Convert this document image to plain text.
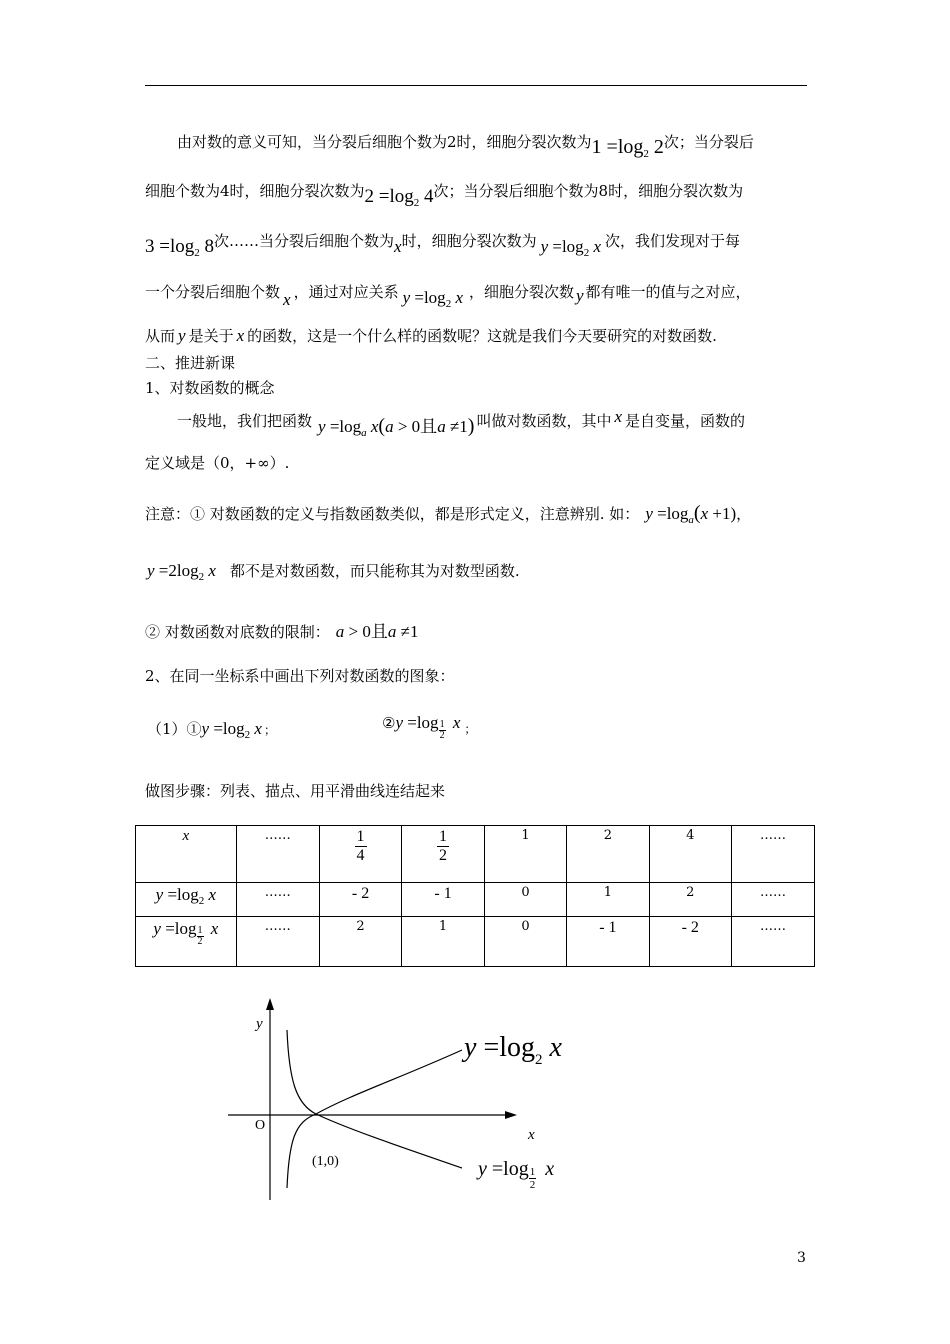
由对数的意义可知，当分裂后细胞个数为2时，细胞分裂次数为$1 =\log_2$ 2次；当分裂后
细胞个数为4时，细胞分裂次数为$2 =\log_2$ 4次；当分裂后细胞个数为8时，细胞分裂次数为
$3 =\log_2$ 8次……当分裂后细胞个数为x时，细胞分裂次数为 $y =\log_2$ x 次，我们发现对于每
一个分裂后细胞个数 x ，通过对应关系 $y =\log_2$ x ，细胞分裂次数 y 都有唯一的值与之对应，
从而 y 是关于 x 的函数，这是一个什么样的函数呢？这就是我们今天要研究的对数函数.
二、推进新课
1、对数函数的概念
一般地，我们把函数 $y =\log_a$ x(a > 0且a ≠1) 叫做对数函数，其中 x 是自变量，函数的
定义域是（0，+∞）.
注意：① 对数函数的定义与指数函数类似，都是形式定义，注意辨别. 如： $y =\log_a(x +1)$，
$y =2\log_2$ x 都不是对数函数，而只能称其为对数型函数.
② 对数函数对底数的限制： a > 0且a ≠1
2、在同一坐标系中画出下列对数函数的图象：
（1）①y $=\log_2$ x ；	②y $=\log \frac{1}{2}$ x $_;$
做图步骤：列表、描点、用平滑曲线连结起来
x	……	$\frac{1}{4}$	$\frac{1}{2}$	1	2	4	……
$y =\log_2$ x	……	- 2	- 1	0	1	2	……
$y =\log \frac{1}{2}$ x	……	2	1	0	- 1	- 2	……
y
x
O
(1,0)
$y =\log_2$ x
$y =\log \frac{1}{2}$ x
3
